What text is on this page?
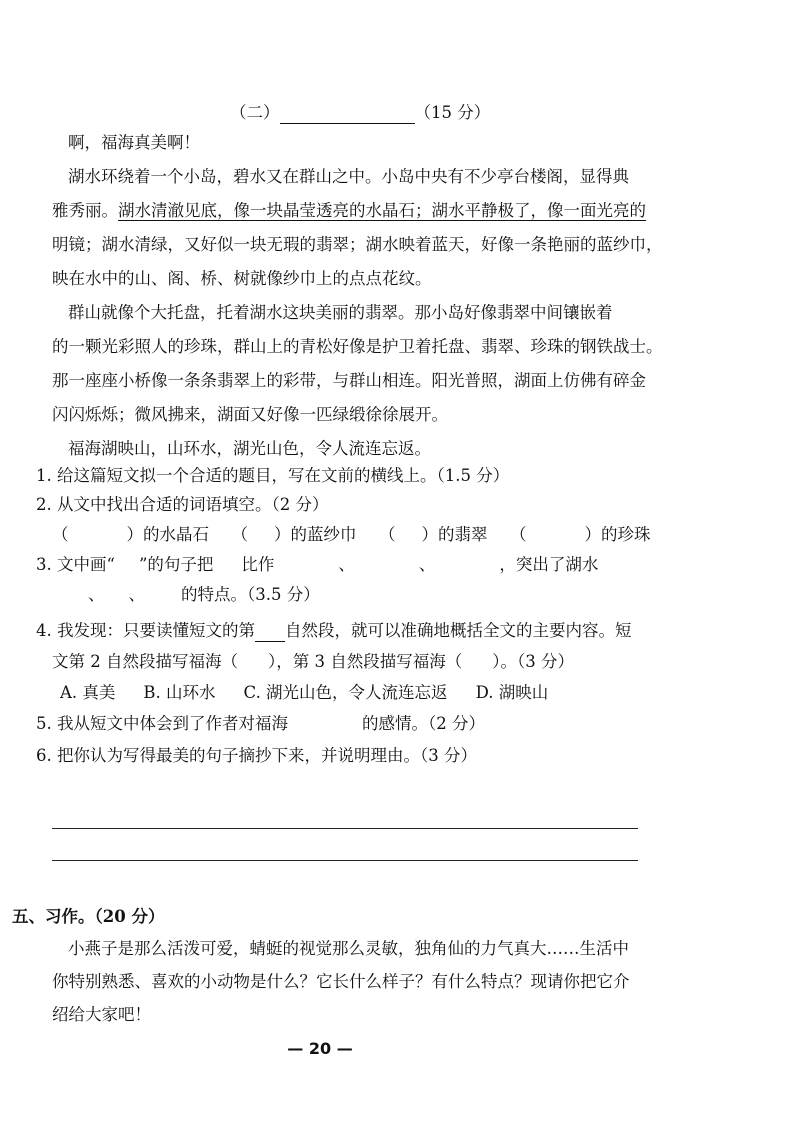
（二）	（15 分）
啊，福海真美啊！
湖水环绕着一个小岛，碧水又在群山之中。小岛中央有不少亭台楼阁，显得典
雅秀丽。湖水清澈见底，像一块晶莹透亮的水晶石；湖水平静极了，像一面光亮的
明镜；湖水清绿，又好似一块无瑕的翡翠；湖水映着蓝天，好像一条艳丽的蓝纱巾，
映在水中的山、阁、桥、树就像纱巾上的点点花纹。
群山就像个大托盘，托着湖水这块美丽的翡翠。那小岛好像翡翠中间镶嵌着
的一颗光彩照人的珍珠，群山上的青松好像是护卫着托盘、翡翠、珍珠的钢铁战士。
那一座座小桥像一条条翡翠上的彩带，与群山相连。阳光普照，湖面上仿佛有碎金
闪闪烁烁；微风拂来，湖面又好像一匹绿缎徐徐展开。
福海湖映山，山环水，湖光山色，令人流连忘返。
1. 给这篇短文拟一个合适的题目，写在文前的横线上。（1.5 分）
2. 从文中找出合适的词语填空。（2 分）
（	）的水晶石 （ ）的蓝纱巾 （ ）的翡翠 （	）的珍珠
3. 文中画“ ”的句子把 比作	、	、	，突出了湖水
、 、 的特点。（3.5 分）
4. 我发现：只要读懂短文的第 自然段，就可以准确地概括全文的主要内容。短
文第 2 自然段描写福海（ ），第 3 自然段描写福海（ ）。（3 分）
A. 真美 B. 山环水 C. 湖光山色，令人流连忘返 D. 湖映山
5. 我从短文中体会到了作者对福海	的感情。（2 分）
6. 把你认为写得最美的句子摘抄下来，并说明理由。（3 分）
五、习作。（20 分）
小燕子是那么活泼可爱，蜻蜓的视觉那么灵敏，独角仙的力气真大……生活中
你特别熟悉、喜欢的小动物是什么？它长什么样子？有什么特点？现请你把它介
绍给大家吧！
— 20 —
